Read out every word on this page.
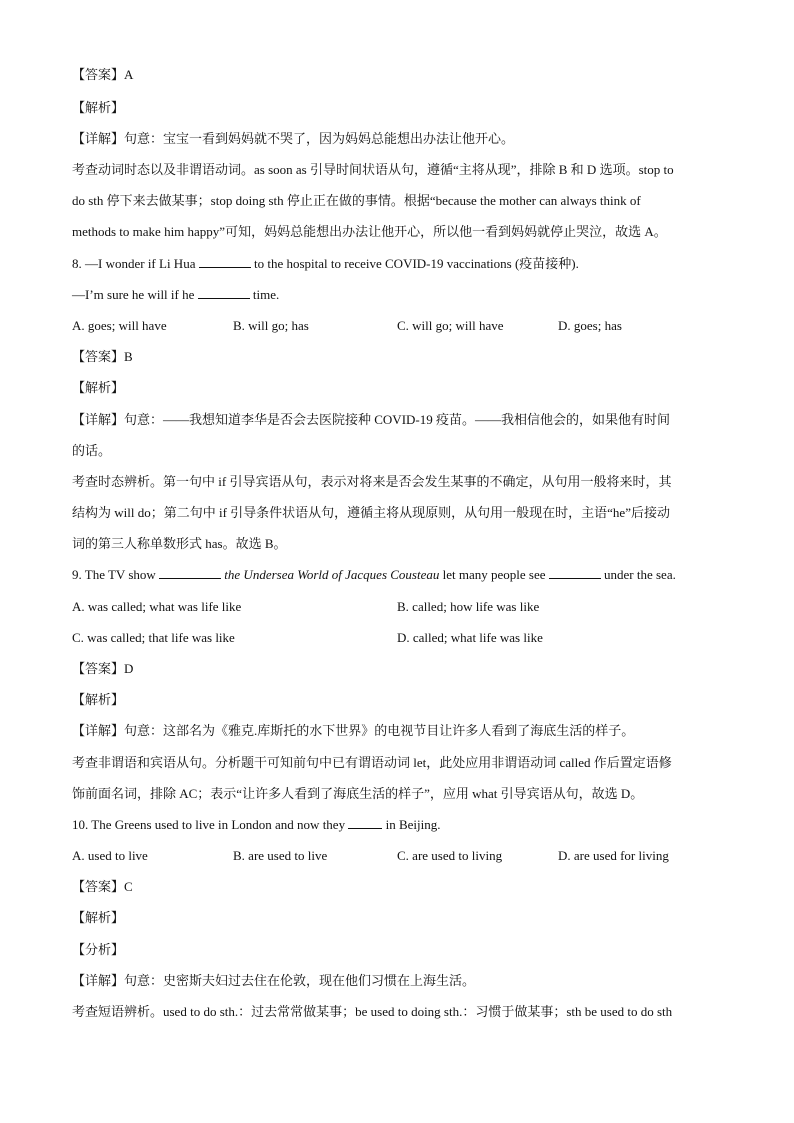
【答案】A
【解析】
【详解】句意：宝宝一看到妈妈就不哭了，因为妈妈总能想出办法让他开心。
考查动词时态以及非谓语动词。as soon as 引导时间状语从句，遵循“主将从现”，排除 B 和 D 选项。stop to
do sth 停下来去做某事；stop doing sth 停止正在做的事情。根据“because the mother can always think of
methods to make him happy”可知，妈妈总能想出办法让他开心，所以他一看到妈妈就停止哭泣，故选 A。
8. —I wonder if Li Hua	to the hospital to receive COVID-19 vaccinations (疫苗接种).
—I’m sure he will if he	time.
A. goes; will have	B. will go; has	C. will go; will have	D. goes; has
【答案】B
【解析】
【详解】句意：——我想知道李华是否会去医院接种 COVID-19 疫苗。——我相信他会的，如果他有时间
的话。
考查时态辨析。第一句中 if 引导宾语从句，表示对将来是否会发生某事的不确定，从句用一般将来时，其
结构为 will do；第二句中 if 引导条件状语从句，遵循主将从现原则，从句用一般现在时，主语“he”后接动
词的第三人称单数形式 has。故选 B。
9. The TV show	the Undersea World of Jacques Cousteau let many people see	under the sea.
A. was called; what was life like	B. called; how life was like
C. was called; that life was like	D. called; what life was like
【答案】D
【解析】
【详解】句意：这部名为《雅克.库斯托的水下世界》的电视节目让许多人看到了海底生活的样子。
考查非谓语和宾语从句。分析题干可知前句中已有谓语动词 let，此处应用非谓语动词 called 作后置定语修
饰前面名词，排除 AC；表示“让许多人看到了海底生活的样子”，应用 what 引导宾语从句，故选 D。
10. The Greens used to live in London and now they	in Beijing.
A. used to live	B. are used to live	C. are used to living	D. are used for living
【答案】C
【解析】
【分析】
【详解】句意：史密斯夫妇过去住在伦敦，现在他们习惯在上海生活。
考查短语辨析。used to do sth.：过去常常做某事；be used to doing sth.：习惯于做某事；sth be used to do sth
